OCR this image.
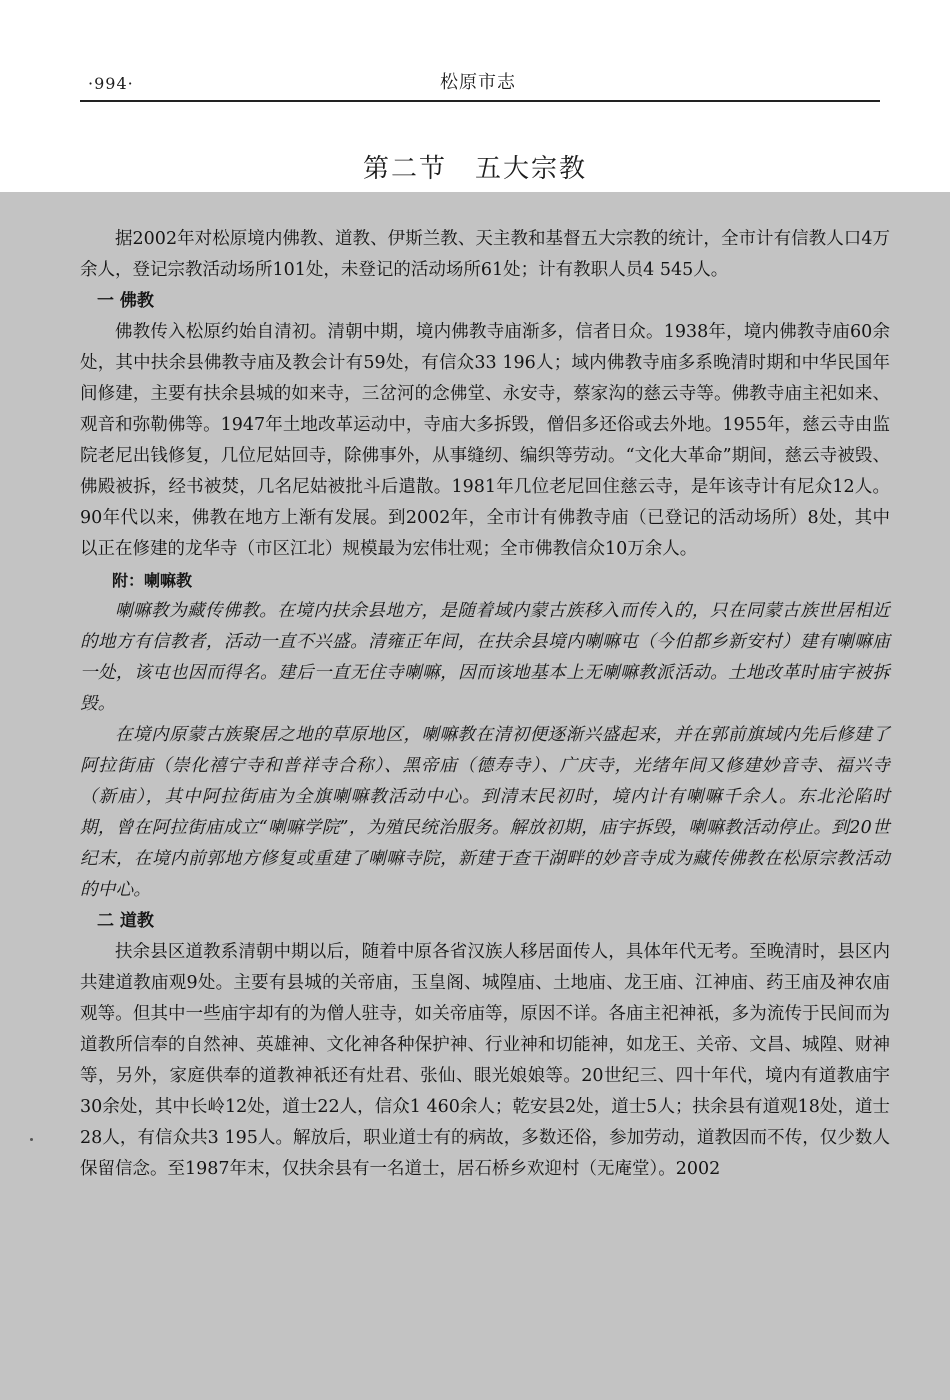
·994·	松原市志
第二节　五大宗教

据2002年对松原境内佛教、道教、伊斯兰教、天主教和基督五大宗教的统计，全市计有信教人口4万余人，登记宗教活动场所101处，未登记的活动场所61处；计有教职人员4 545人。

一 佛教

佛教传入松原约始自清初。清朝中期，境内佛教寺庙渐多，信者日众。1938年，境内佛教寺庙60余处，其中扶余县佛教寺庙及教会计有59处，有信众33 196人；域内佛教寺庙多系晚清时期和中华民国年间修建，主要有扶余县城的如来寺，三岔河的念佛堂、永安寺，蔡家沟的慈云寺等。佛教寺庙主祀如来、观音和弥勒佛等。1947年土地改革运动中，寺庙大多拆毁，僧侣多还俗或去外地。1955年，慈云寺由监院老尼出钱修复，几位尼姑回寺，除佛事外，从事缝纫、编织等劳动。“文化大革命”期间，慈云寺被毁、佛殿被拆，经书被焚，几名尼姑被批斗后遣散。1981年几位老尼回住慈云寺，是年该寺计有尼众12人。90年代以来，佛教在地方上渐有发展。到2002年，全市计有佛教寺庙（已登记的活动场所）8处，其中以正在修建的龙华寺（市区江北）规模最为宏伟壮观；全市佛教信众10万余人。

附：喇嘛教

喇嘛教为藏传佛教。在境内扶余县地方，是随着域内蒙古族移入而传入的，只在同蒙古族世居相近的地方有信教者，活动一直不兴盛。清雍正年间，在扶余县境内喇嘛屯（今伯都乡新安村）建有喇嘛庙一处，该屯也因而得名。建后一直无住寺喇嘛，因而该地基本上无喇嘛教派活动。土地改革时庙宇被拆毁。

在境内原蒙古族聚居之地的草原地区，喇嘛教在清初便逐渐兴盛起来，并在郭前旗域内先后修建了阿拉街庙（崇化禧宁寺和普祥寺合称）、黑帝庙（德寿寺）、广庆寺，光绪年间又修建妙音寺、福兴寺（新庙），其中阿拉街庙为全旗喇嘛教活动中心。到清末民初时，境内计有喇嘛千余人。东北沦陷时期，曾在阿拉街庙成立“喇嘛学院”，为殖民统治服务。解放初期，庙宇拆毁，喇嘛教活动停止。到20世纪末，在境内前郭地方修复或重建了喇嘛寺院，新建于查干湖畔的妙音寺成为藏传佛教在松原宗教活动的中心。

二 道教

扶余县区道教系清朝中期以后，随着中原各省汉族人移居面传人，具体年代无考。至晚清时，县区内共建道教庙观9处。主要有县城的关帝庙，玉皇阁、城隍庙、土地庙、龙王庙、江神庙、药王庙及神农庙观等。但其中一些庙宇却有的为僧人驻寺，如关帝庙等，原因不详。各庙主祀神祇，多为流传于民间而为道教所信奉的自然神、英雄神、文化神各种保护神、行业神和切能神，如龙王、关帝、文昌、城隍、财神等，另外，家庭供奉的道教神祇还有灶君、张仙、眼光娘娘等。20世纪三、四十年代，境内有道教庙宇30余处，其中长岭12处，道士22人，信众1 460余人；乾安县2处，道士5人；扶余县有道观18处，道士28人，有信众共3 195人。解放后，职业道士有的病故，多数还俗，参加劳动，道教因而不传，仅少数人保留信念。至1987年末，仅扶余县有一名道士，居石桥乡欢迎村（无庵堂）。2002
